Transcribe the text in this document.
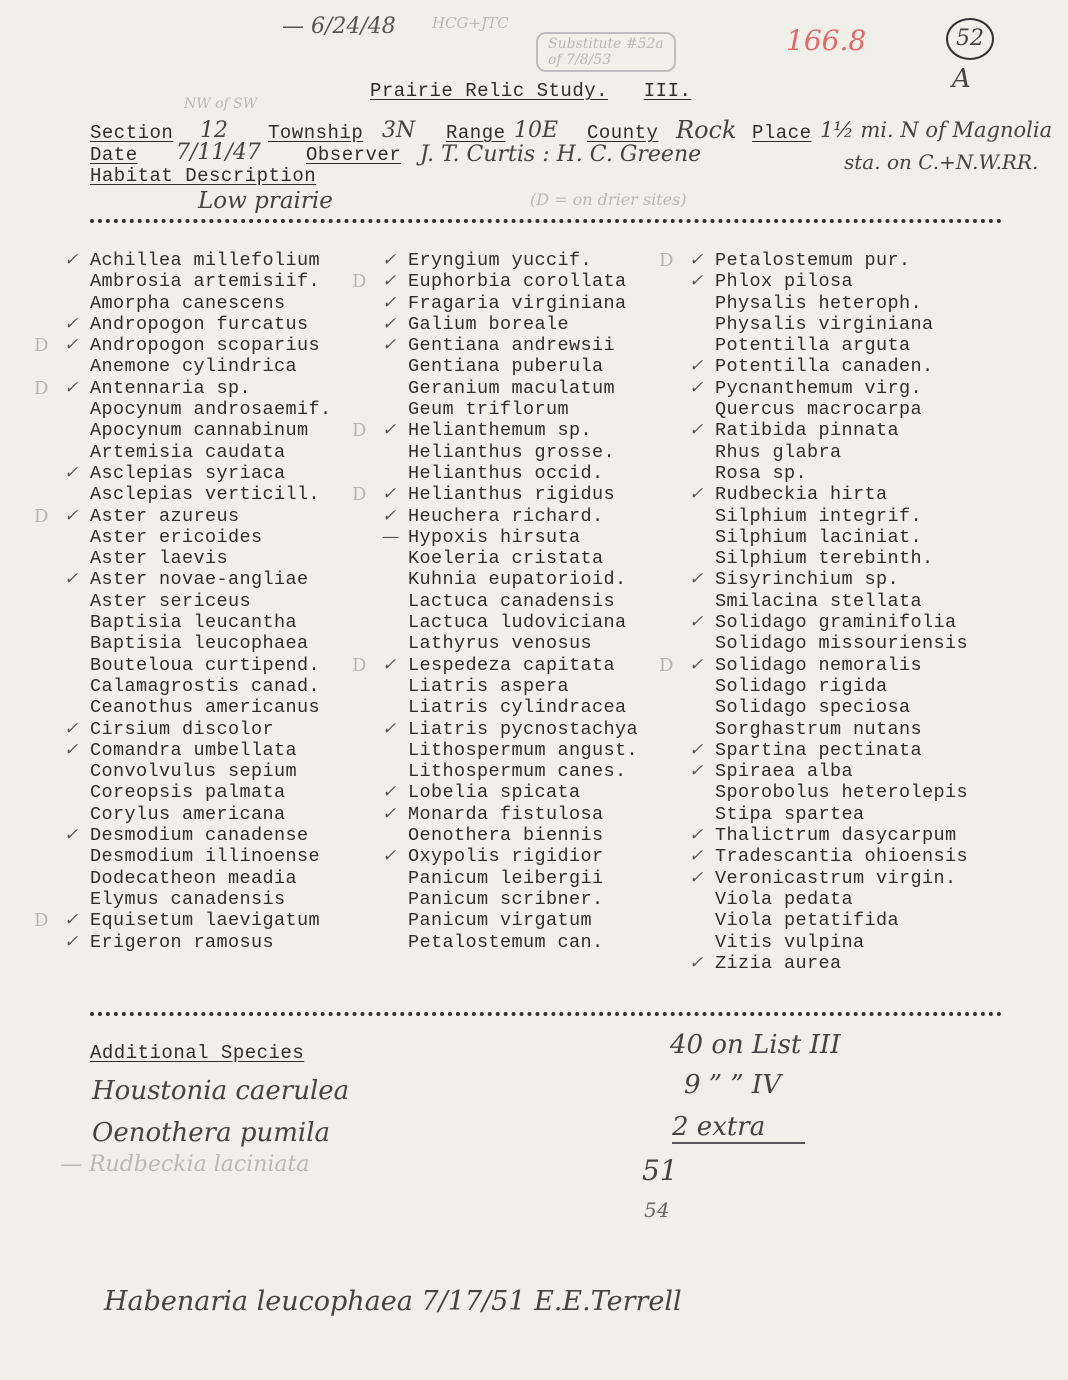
— 6/24/48 HCG+JTC
Substitute #52a
of 7/8/53
166.8	52
A
NW of SW
Prairie Relic Study. III.
Section 12 Township 3N Range 10E County Rock Place 1½ mi. N of Magnolia
sta. on C.+N.W.RR.
Date 7/11/47 Observer J. T. Curtis : H. C. Greene
Habitat Description
Low prairie	(D = on drier sites)
✓ Achillea millefolium
Ambrosia artemisiif.
Amorpha canescens
✓ Andropogon furcatus
D ✓ Andropogon scoparius
Anemone cylindrica
D ✓ Antennaria sp.
Apocynum androsaemif.
Apocynum cannabinum
Artemisia caudata
✓ Asclepias syriaca
Asclepias verticill.
D ✓ Aster azureus
Aster ericoides
Aster laevis
✓ Aster novae-angliae
Aster sericeus
Baptisia leucantha
Baptisia leucophaea
Bouteloua curtipend.
Calamagrostis canad.
Ceanothus americanus
✓ Cirsium discolor
✓ Comandra umbellata
Convolvulus sepium
Coreopsis palmata
Corylus americana
✓ Desmodium canadense
Desmodium illinoense
Dodecatheon meadia
Elymus canadensis
D ✓ Equisetum laevigatum
✓ Erigeron ramosus
✓ Eryngium yuccif.
D ✓ Euphorbia corollata
✓ Fragaria virginiana
✓ Galium boreale
✓ Gentiana andrewsii
Gentiana puberula
Geranium maculatum
Geum triflorum
D ✓ Helianthemum sp.
Helianthus grosse.
Helianthus occid.
D ✓ Helianthus rigidus
✓ Heuchera richard.
— Hypoxis hirsuta
Koeleria cristata
Kuhnia eupatorioid.
Lactuca canadensis
Lactuca ludoviciana
Lathyrus venosus
D ✓ Lespedeza capitata
Liatris aspera
Liatris cylindracea
✓ Liatris pycnostachya
Lithospermum angust.
Lithospermum canes.
✓ Lobelia spicata
✓ Monarda fistulosa
Oenothera biennis
✓ Oxypolis rigidior
Panicum leibergii
Panicum scribner.
Panicum virgatum
Petalostemum can.
D ✓ Petalostemum pur.
✓ Phlox pilosa
Physalis heteroph.
Physalis virginiana
Potentilla arguta
✓ Potentilla canaden.
✓ Pycnanthemum virg.
Quercus macrocarpa
✓ Ratibida pinnata
Rhus glabra
Rosa sp.
✓ Rudbeckia hirta
Silphium integrif.
Silphium laciniat.
Silphium terebinth.
✓ Sisyrinchium sp.
Smilacina stellata
✓ Solidago graminifolia
Solidago missouriensis
D ✓ Solidago nemoralis
Solidago rigida
Solidago speciosa
Sorghastrum nutans
✓ Spartina pectinata
✓ Spiraea alba
Sporobolus heterolepis
Stipa spartea
✓ Thalictrum dasycarpum
✓ Tradescantia ohioensis
✓ Veronicastrum virgin.
Viola pedata
Viola petatifida
Vitis vulpina
✓ Zizia aurea
Additional Species
Houstonia caerulea
Oenothera pumila
— Rudbeckia laciniata
40 on List III
9 ” ” IV
2 extra
51
54
Habenaria leucophaea 7/17/51 E.E.Terrell
